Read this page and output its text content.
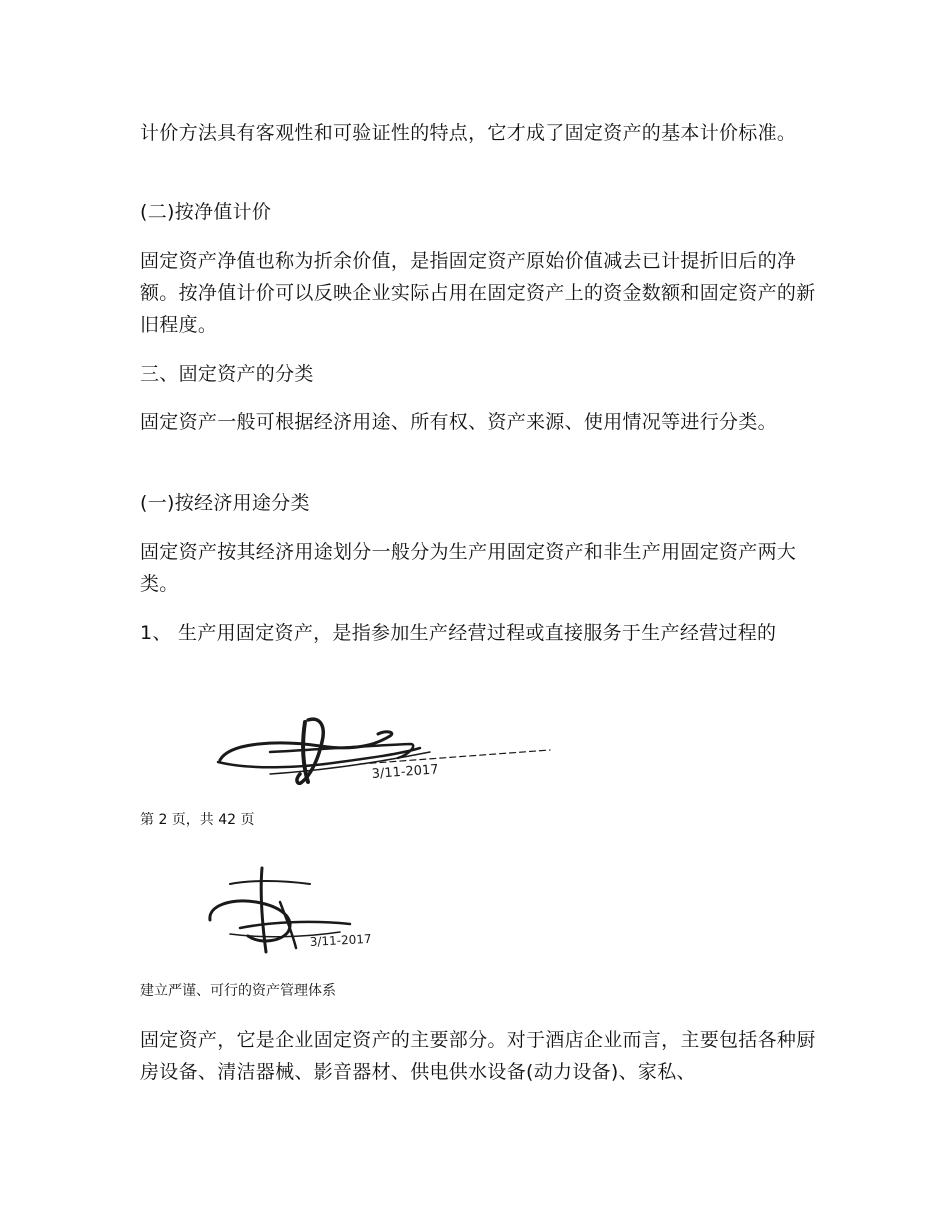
计价方法具有客观性和可验证性的特点，它才成了固定资产的基本计价标准。

(二)按净值计价

固定资产净值也称为折余价值，是指固定资产原始价值减去已计提折旧后的净额。按净值计价可以反映企业实际占用在固定资产上的资金数额和固定资产的新旧程度。

三、固定资产的分类

固定资产一般可根据经济用途、所有权、资产来源、使用情况等进行分类。

(一)按经济用途分类

固定资产按其经济用途划分一般分为生产用固定资产和非生产用固定资产两大类。

1、 生产用固定资产，是指参加生产经营过程或直接服务于生产经营过程的

3/11-2017

第 2 页，共 42 页

3/11-2017

建立严谨、可行的资产管理体系

固定资产，它是企业固定资产的主要部分。对于酒店企业而言，主要包括各种厨房设备、清洁器械、影音器材、供电供水设备(动力设备)、家私、
